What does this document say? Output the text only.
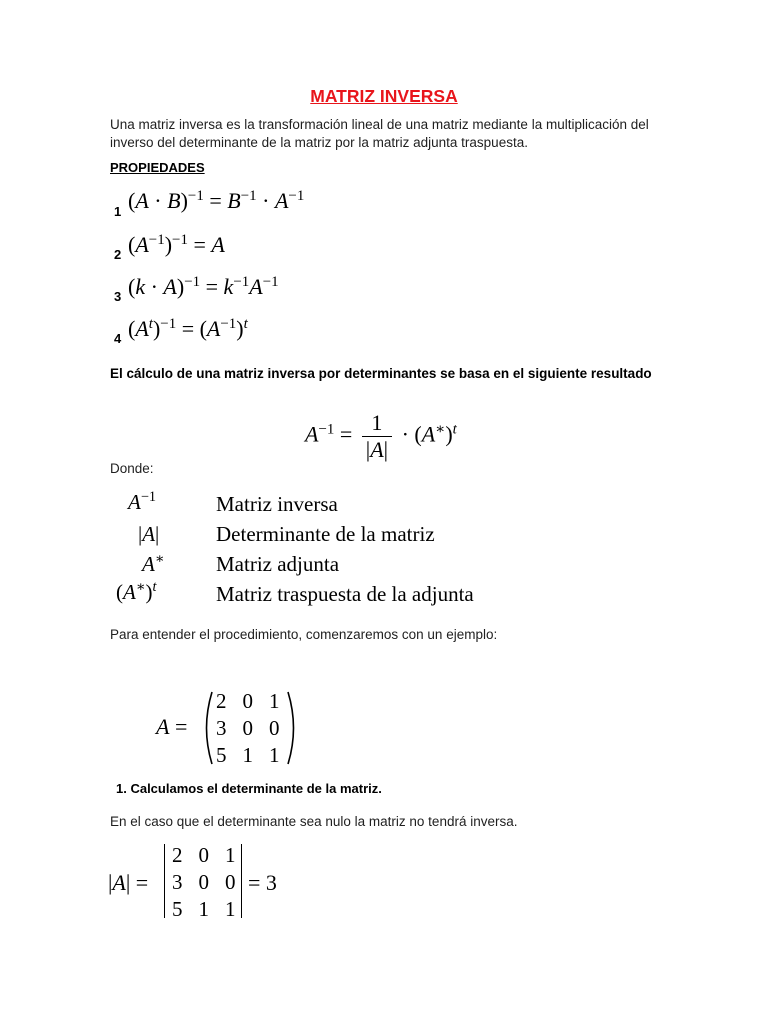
MATRIZ INVERSA
Una matriz inversa es la transformación lineal de una matriz mediante la multiplicación del inverso del determinante de la matriz por la matriz adjunta traspuesta.
PROPIEDADES
1 $(A \cdot B)^{-1} = B^{-1} \cdot A^{-1}$
2 $(A^{-1})^{-1} = A$
3 $(k \cdot A)^{-1} = k^{-1}A^{-1}$
4 $(A^t)^{-1} = (A^{-1})^t$
El cálculo de una matriz inversa por determinantes se basa en el siguiente resultado
$A^{-1} = \frac{1}{|A|} \cdot (A^∗)^t$
Donde:
$A^{-1}$	Matriz inversa
|A|	Determinante de la matriz
A∗ Matriz adjunta
$(A^∗)^t$	Matriz traspuesta de la adjunta
Para entender el procedimiento, comenzaremos con un ejemplo:
A =
2	0	1
3	0	0
5	1	1
1. Calculamos el determinante de la matriz.
En el caso que el determinante sea nulo la matriz no tendrá inversa.
|A| =
2	0	1
3	0	0
5	1	1
= 3
